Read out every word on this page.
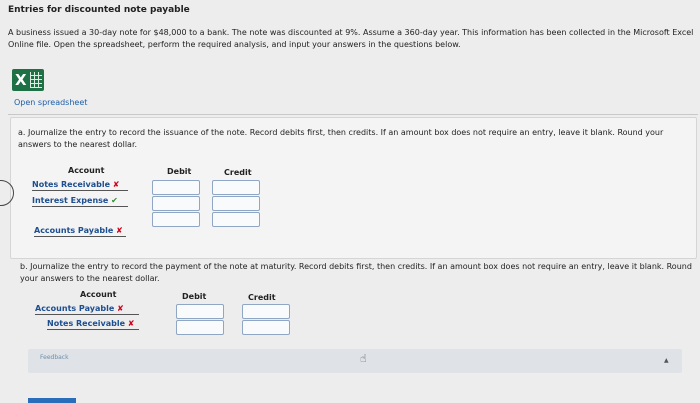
Entries for discounted note payable
A business issued a 30-day note for $48,000 to a bank. The note was discounted at 9%. Assume a 360-day year. This information has been collected in the Microsoft Excel Online file. Open the spreadsheet, perform the required analysis, and input your answers in the questions below.
X
Open spreadsheet
a. Journalize the entry to record the issuance of the note. Record debits first, then credits. If an amount box does not require an entry, leave it blank. Round your answers to the nearest dollar.
Account	Debit	Credit
Notes Receivable ✘
Interest Expense ✔
Accounts Payable ✘
b. Journalize the entry to record the payment of the note at maturity. Record debits first, then credits. If an amount box does not require an entry, leave it blank. Round your answers to the nearest dollar.
Account	Debit	Credit
Accounts Payable ✘
Notes Receivable ✘
Feedback	☝	▲
